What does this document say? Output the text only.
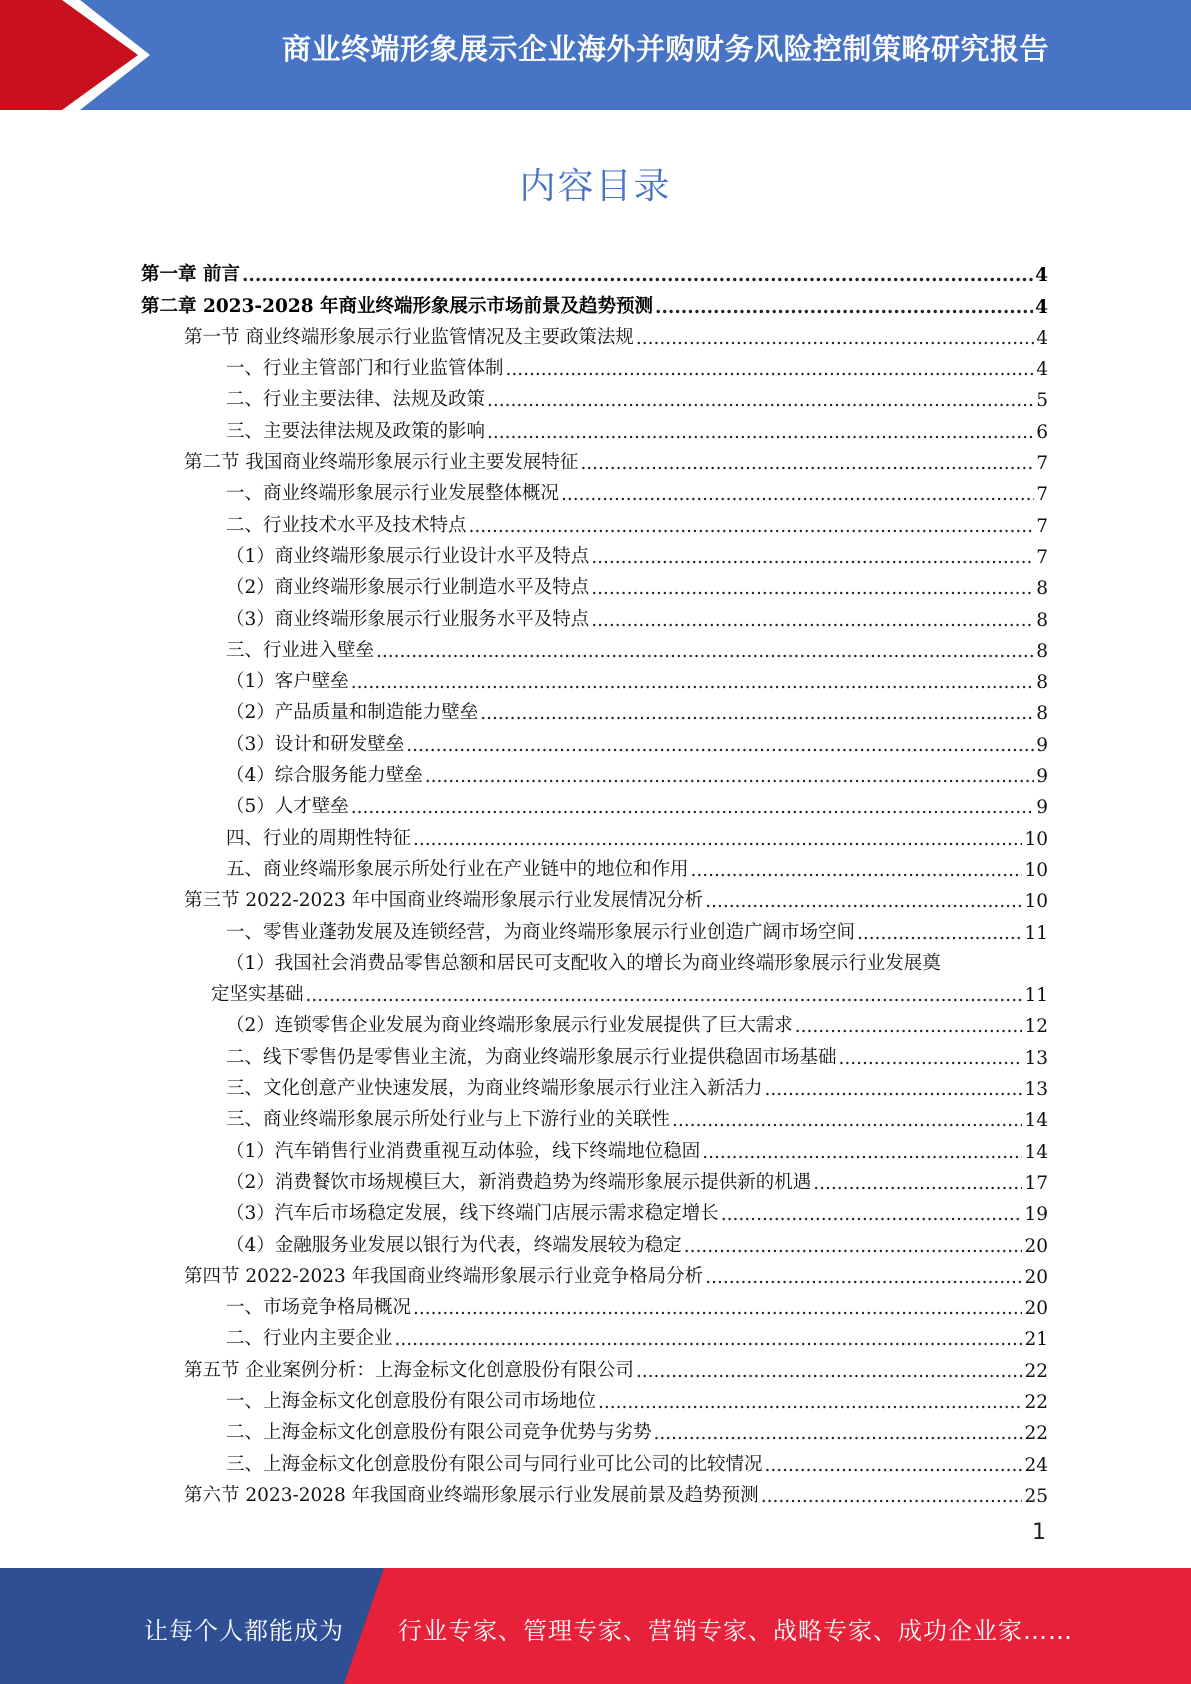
商业终端形象展示企业海外并购财务风险控制策略研究报告
内容目录
第一章 前言 .....	4
第二章 2023-2028 年商业终端形象展示市场前景及趋势预测 .....	4
第一节 商业终端形象展示行业监管情况及主要政策法规 .....	4
一、行业主管部门和行业监管体制 .....	4
二、行业主要法律、法规及政策 .....	5
三、主要法律法规及政策的影响 .....	6
第二节 我国商业终端形象展示行业主要发展特征 .....	7
一、商业终端形象展示行业发展整体概况 .....	7
二、行业技术水平及技术特点 .....	7
（1）商业终端形象展示行业设计水平及特点 .....	7
（2）商业终端形象展示行业制造水平及特点 .....	8
（3）商业终端形象展示行业服务水平及特点 .....	8
三、行业进入壁垒 .....	8
（1）客户壁垒 .....	8
（2）产品质量和制造能力壁垒 .....	8
（3）设计和研发壁垒 .....	9
（4）综合服务能力壁垒 .....	9
（5）人才壁垒 .....	9
四、行业的周期性特征 .....	10
五、商业终端形象展示所处行业在产业链中的地位和作用 .....	10
第三节 2022-2023 年中国商业终端形象展示行业发展情况分析 .....	10
一、零售业蓬勃发展及连锁经营，为商业终端形象展示行业创造广阔市场空间 .....	11
（1）我国社会消费品零售总额和居民可支配收入的增长为商业终端形象展示行业发展奠
定坚实基础 .....	11
（2）连锁零售企业发展为商业终端形象展示行业发展提供了巨大需求 .....	12
二、线下零售仍是零售业主流，为商业终端形象展示行业提供稳固市场基础 .....	13
三、文化创意产业快速发展，为商业终端形象展示行业注入新活力 .....	13
三、商业终端形象展示所处行业与上下游行业的关联性 .....	14
（1）汽车销售行业消费重视互动体验，线下终端地位稳固 .....	14
（2）消费餐饮市场规模巨大，新消费趋势为终端形象展示提供新的机遇 .....	17
（3）汽车后市场稳定发展，线下终端门店展示需求稳定增长 .....	19
（4）金融服务业发展以银行为代表，终端发展较为稳定 .....	20
第四节 2022-2023 年我国商业终端形象展示行业竞争格局分析 .....	20
一、市场竞争格局概况 .....	20
二、行业内主要企业 .....	21
第五节 企业案例分析：上海金标文化创意股份有限公司 .....	22
一、上海金标文化创意股份有限公司市场地位 .....	22
二、上海金标文化创意股份有限公司竞争优势与劣势 .....	22
三、上海金标文化创意股份有限公司与同行业可比公司的比较情况 .....	24
第六节 2023-2028 年我国商业终端形象展示行业发展前景及趋势预测 .....	25
1
让每个人都能成为 行业专家、管理专家、营销专家、战略专家、成功企业家……
